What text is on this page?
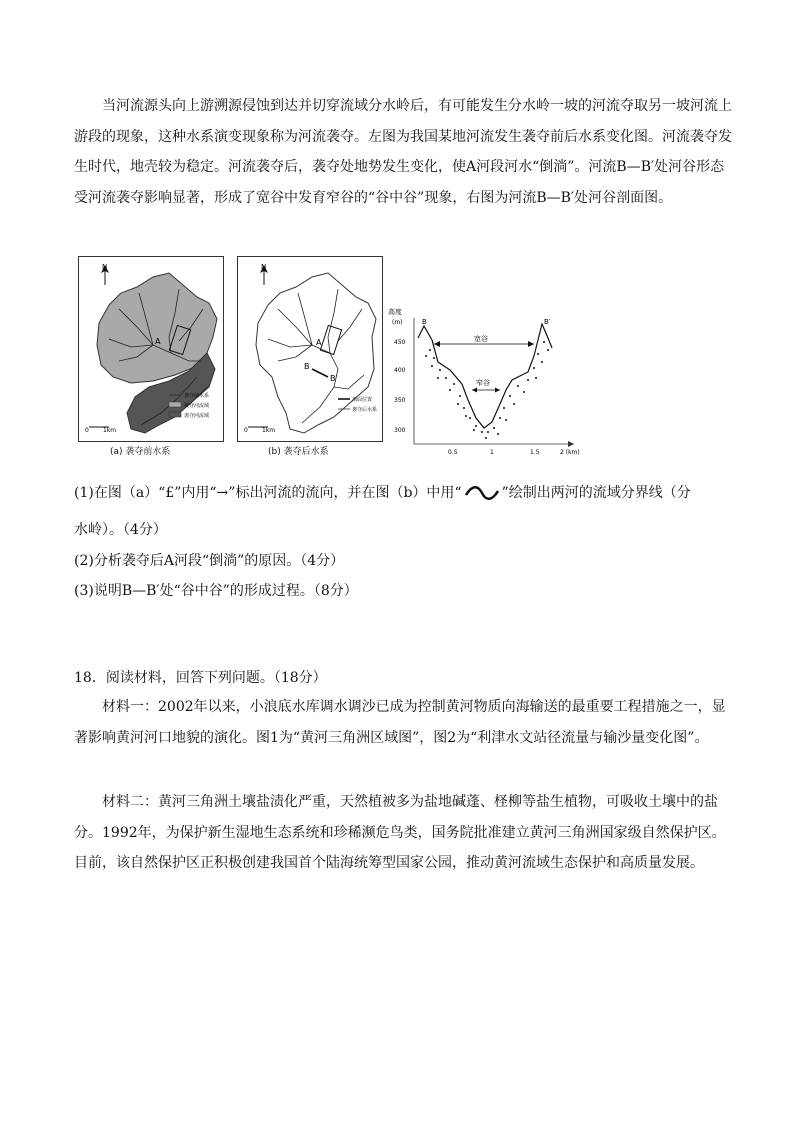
当河流源头向上游溯源侵蚀到达并切穿流域分水岭后，有可能发生分水岭一坡的河流夺取另一坡河流上游段的现象，这种水系演变现象称为河流袭夺。左图为我国某地河流发生袭夺前后水系变化图。河流袭夺发生时代，地壳较为稳定。河流袭夺后，袭夺处地势发生变化，使A河段河水“倒淌”。河流B—B′处河谷形态受河流袭夺影响显著，形成了宽谷中发育窄谷的“谷中谷”现象，右图为河流B—B′处河谷剖面图。

N
A
袭夺前水系
被夺河流域
袭夺河流域
0 1km
(a) 袭夺前水系
N
A
B
B′
剖面位置
袭夺后水系
0 1km
(b) 袭夺后水系
高度
(m)
450
400
350
300
0.5	1	1.5	2 (km)
宽谷
窄谷
B	B′
(1)在图（a）“£”内用“→”标出河流的流向，并在图（b）中用“	”绘制出两河的流域分界线（分
水岭）。（4分）
(2)分析袭夺后A河段“倒淌”的原因。（4分）
(3)说明B—B′处“谷中谷”的形成过程。（8分）
18．阅读材料，回答下列问题。（18分）

材料一：2002年以来，小浪底水库调水调沙已成为控制黄河物质向海输送的最重要工程措施之一，显著影响黄河河口地貌的演化。图1为“黄河三角洲区域图”，图2为“利津水文站径流量与输沙量变化图”。

材料二：黄河三角洲土壤盐渍化严重，天然植被多为盐地碱蓬、柽柳等盐生植物，可吸收土壤中的盐分。1992年，为保护新生湿地生态系统和珍稀濒危鸟类，国务院批准建立黄河三角洲国家级自然保护区。目前，该自然保护区正积极创建我国首个陆海统筹型国家公园，推动黄河流域生态保护和高质量发展。
